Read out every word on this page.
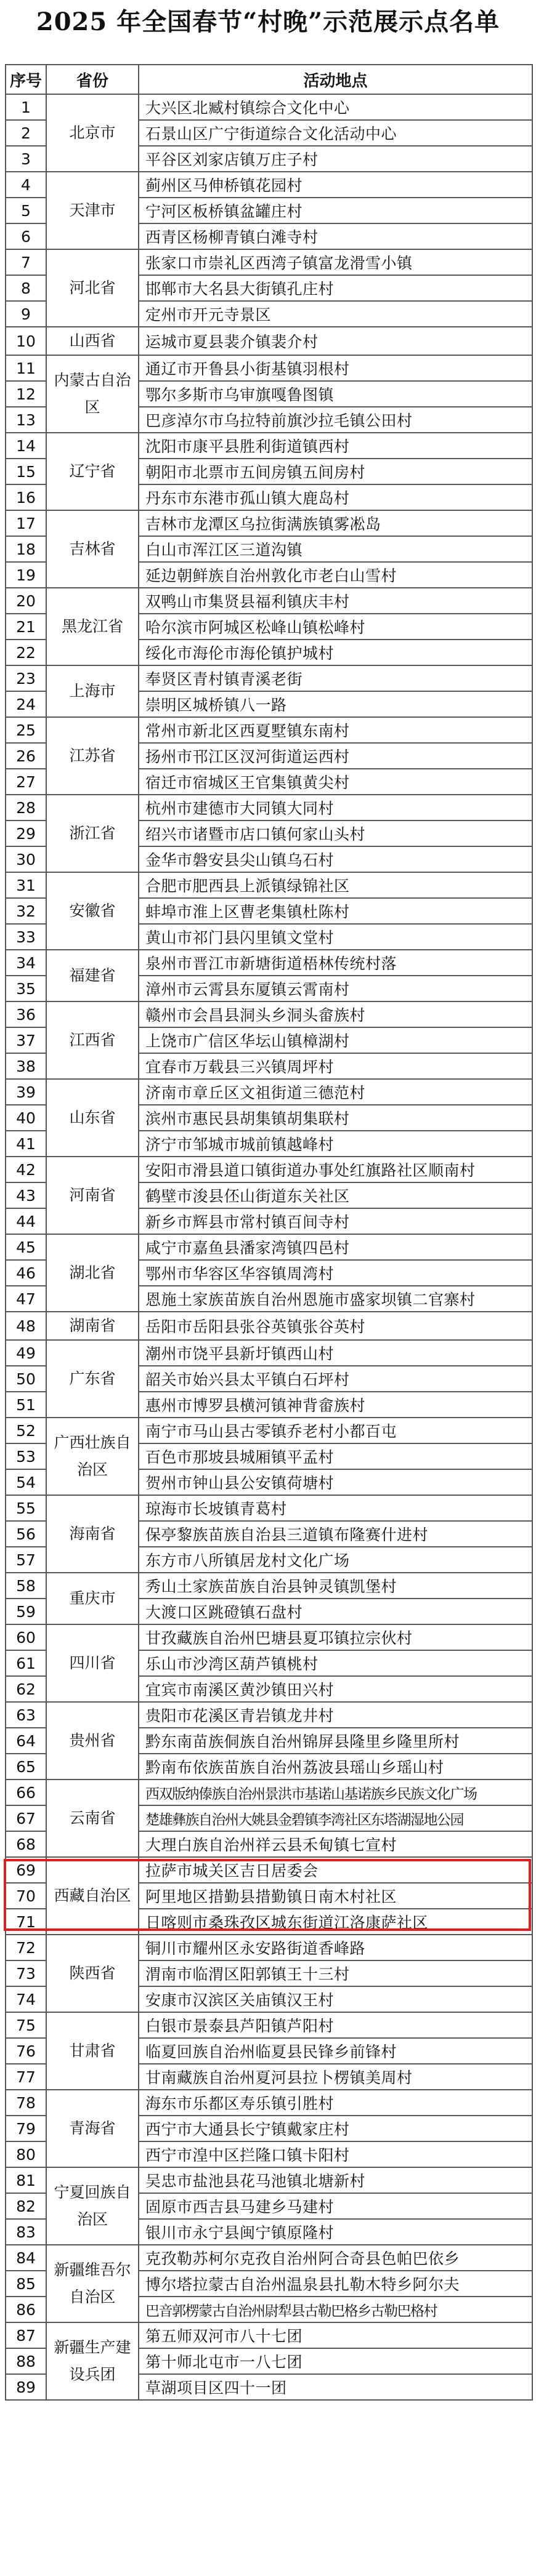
2025 年全国春节“村晚”示范展示点名单
序号	省份	活动地点
1	北京市	大兴区北臧村镇综合文化中心
2		石景山区广宁街道综合文化活动中心
3		平谷区刘家店镇万庄子村
4	天津市	蓟州区马伸桥镇花园村
5		宁河区板桥镇盆罐庄村
6		西青区杨柳青镇白滩寺村
7	河北省	张家口市崇礼区西湾子镇富龙滑雪小镇
8		邯郸市大名县大街镇孔庄村
9		定州市开元寺景区
10	山西省	运城市夏县裴介镇裴介村
11	内蒙古自治区	通辽市开鲁县小街基镇羽根村
12		鄂尔多斯市乌审旗嘎鲁图镇
13		巴彦淖尔市乌拉特前旗沙拉毛镇公田村
14	辽宁省	沈阳市康平县胜利街道镇西村
15		朝阳市北票市五间房镇五间房村
16		丹东市东港市孤山镇大鹿岛村
17	吉林省	吉林市龙潭区乌拉街满族镇雾凇岛
18		白山市浑江区三道沟镇
19		延边朝鲜族自治州敦化市老白山雪村
20	黑龙江省	双鸭山市集贤县福利镇庆丰村
21		哈尔滨市阿城区松峰山镇松峰村
22		绥化市海伦市海伦镇护城村
23	上海市	奉贤区青村镇青溪老街
24		崇明区城桥镇八一路
25	江苏省	常州市新北区西夏墅镇东南村
26		扬州市邗江区汊河街道运西村
27		宿迁市宿城区王官集镇黄尖村
28	浙江省	杭州市建德市大同镇大同村
29		绍兴市诸暨市店口镇何家山头村
30		金华市磐安县尖山镇乌石村
31	安徽省	合肥市肥西县上派镇绿锦社区
32		蚌埠市淮上区曹老集镇杜陈村
33		黄山市祁门县闪里镇文堂村
34	福建省	泉州市晋江市新塘街道梧林传统村落
35		漳州市云霄县东厦镇云霄南村
36	江西省	赣州市会昌县洞头乡洞头畲族村
37		上饶市广信区华坛山镇樟湖村
38		宜春市万载县三兴镇周坪村
39	山东省	济南市章丘区文祖街道三德范村
40		滨州市惠民县胡集镇胡集联村
41		济宁市邹城市城前镇越峰村
42	河南省	安阳市滑县道口镇街道办事处红旗路社区顺南村
43		鹤壁市浚县伾山街道东关社区
44		新乡市辉县市常村镇百间寺村
45	湖北省	咸宁市嘉鱼县潘家湾镇四邑村
46		鄂州市华容区华容镇周湾村
47		恩施土家族苗族自治州恩施市盛家坝镇二官寨村
48	湖南省	岳阳市岳阳县张谷英镇张谷英村
49	广东省	潮州市饶平县新圩镇西山村
50		韶关市始兴县太平镇白石坪村
51		惠州市博罗县横河镇神背畲族村
52	广西壮族自治区	南宁市马山县古零镇乔老村小都百屯
53		百色市那坡县城厢镇平孟村
54		贺州市钟山县公安镇荷塘村
55	海南省	琼海市长坡镇青葛村
56		保亭黎族苗族自治县三道镇布隆赛什进村
57		东方市八所镇居龙村文化广场
58	重庆市	秀山土家族苗族自治县钟灵镇凯堡村
59		大渡口区跳磴镇石盘村
60	四川省	甘孜藏族自治州巴塘县夏邛镇拉宗伙村
61		乐山市沙湾区葫芦镇桃村
62		宜宾市南溪区黄沙镇田兴村
63	贵州省	贵阳市花溪区青岩镇龙井村
64		黔东南苗族侗族自治州锦屏县隆里乡隆里所村
65		黔南布依族苗族自治州荔波县瑶山乡瑶山村
66	云南省	西双版纳傣族自治州景洪市基诺山基诺族乡民族文化广场
67		楚雄彝族自治州大姚县金碧镇李湾社区东塔湖湿地公园
68		大理白族自治州祥云县禾甸镇七宣村
69	西藏自治区	拉萨市城关区吉日居委会
70		阿里地区措勤县措勤镇日南木村社区
71		日喀则市桑珠孜区城东街道江洛康萨社区
72	陕西省	铜川市耀州区永安路街道香峰路
73		渭南市临渭区阳郭镇王十三村
74		安康市汉滨区关庙镇汉王村
75	甘肃省	白银市景泰县芦阳镇芦阳村
76		临夏回族自治州临夏县民锋乡前锋村
77		甘南藏族自治州夏河县拉卜楞镇美周村
78	青海省	海东市乐都区寿乐镇引胜村
79		西宁市大通县长宁镇戴家庄村
80		西宁市湟中区拦隆口镇卡阳村
81	宁夏回族自治区	吴忠市盐池县花马池镇北塘新村
82		固原市西吉县马建乡马建村
83		银川市永宁县闽宁镇原隆村
84	新疆维吾尔自治区	克孜勒苏柯尔克孜自治州阿合奇县色帕巴依乡
85		博尔塔拉蒙古自治州温泉县扎勒木特乡阿尔夫
86		巴音郭楞蒙古自治州尉犁县古勒巴格乡古勒巴格村
87	新疆生产建设兵团	第五师双河市八十七团
88		第十师北屯市一八七团
89		草湖项目区四十一团
